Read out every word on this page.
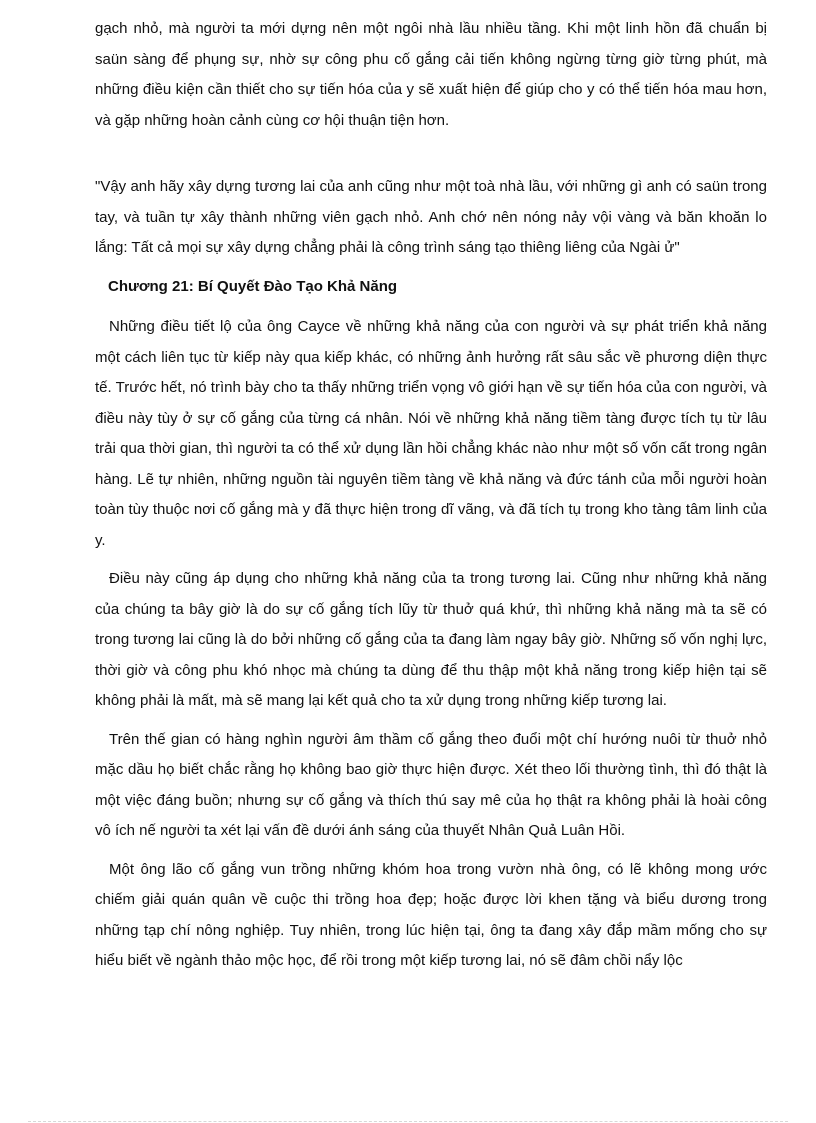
gạch nhỏ, mà người ta mới dựng nên một ngôi nhà lầu nhiều tầng. Khi một linh hồn đã chuẩn bị saün sàng để phụng sự, nhờ sự công phu cố gắng cải tiến không ngừng từng giờ từng phút, mà những điều kiện cần thiết cho sự tiến hóa của y sẽ xuất hiện để giúp cho y có thể tiến hóa mau hơn, và gặp những hoàn cảnh cùng cơ hội thuận tiện hơn.

"Vậy anh hãy xây dựng tương lai của anh cũng như một toà nhà lầu, với những gì anh có saün trong tay, và tuần tự xây thành những viên gạch nhỏ. Anh chớ nên nóng nảy vội vàng và băn khoăn lo lắng: Tất cả mọi sự xây dựng chẳng phải là công trình sáng tạo thiêng liêng của Ngài ử"

Chương 21: Bí Quyết Đào Tạo Khả Năng

Những điều tiết lộ của ông Cayce về những khả năng của con người và sự phát triển khả năng một cách liên tục từ kiếp này qua kiếp khác, có những ảnh hưởng rất sâu sắc về phương diện thực tế. Trước hết, nó trình bày cho ta thấy những triển vọng vô giới hạn về sự tiến hóa của con người, và điều này tùy ở sự cố gắng của từng cá nhân. Nói về những khả năng tiềm tàng được tích tụ từ lâu trải qua thời gian, thì người ta có thể xử dụng lần hồi chẳng khác nào như một số vốn cất trong ngân hàng. Lẽ tự nhiên, những nguồn tài nguyên tiềm tàng về khả năng và đức tánh của mỗi người hoàn toàn tùy thuộc nơi cố gắng mà y đã thực hiện trong dĩ vãng, và đã tích tụ trong kho tàng tâm linh của y.

Điều này cũng áp dụng cho những khả năng của ta trong tương lai. Cũng như những khả năng của chúng ta bây giờ là do sự cố gắng tích lũy từ thuở quá khứ, thì những khả năng mà ta sẽ có trong tương lai cũng là do bởi những cố gắng của ta đang làm ngay bây giờ. Những số vốn nghị lực, thời giờ và công phu khó nhọc mà chúng ta dùng để thu thập một khả năng trong kiếp hiện tại sẽ không phải là mất, mà sẽ mang lại kết quả cho ta xử dụng trong những kiếp tương lai.

Trên thế gian có hàng nghìn người âm thầm cố gắng theo đuổi một chí hướng nuôi từ thuở nhỏ mặc dầu họ biết chắc rằng họ không bao giờ thực hiện được. Xét theo lối thường tình, thì đó thật là một việc đáng buồn; nhưng sự cố gắng và thích thú say mê của họ thật ra không phải là hoài công vô ích nế người ta xét lại vấn đề dưới ánh sáng của thuyết Nhân Quả Luân Hồi.

Một ông lão cố gắng vun trồng những khóm hoa trong vườn nhà ông, có lẽ không mong ước chiếm giải quán quân về cuộc thi trồng hoa đẹp; hoặc được lời khen tặng và biểu dương trong những tạp chí nông nghiệp. Tuy nhiên, trong lúc hiện tại, ông ta đang xây đắp mầm mống cho sự hiểu biết về ngành thảo mộc học, để rồi trong một kiếp tương lai, nó sẽ đâm chồi nẩy lộc
